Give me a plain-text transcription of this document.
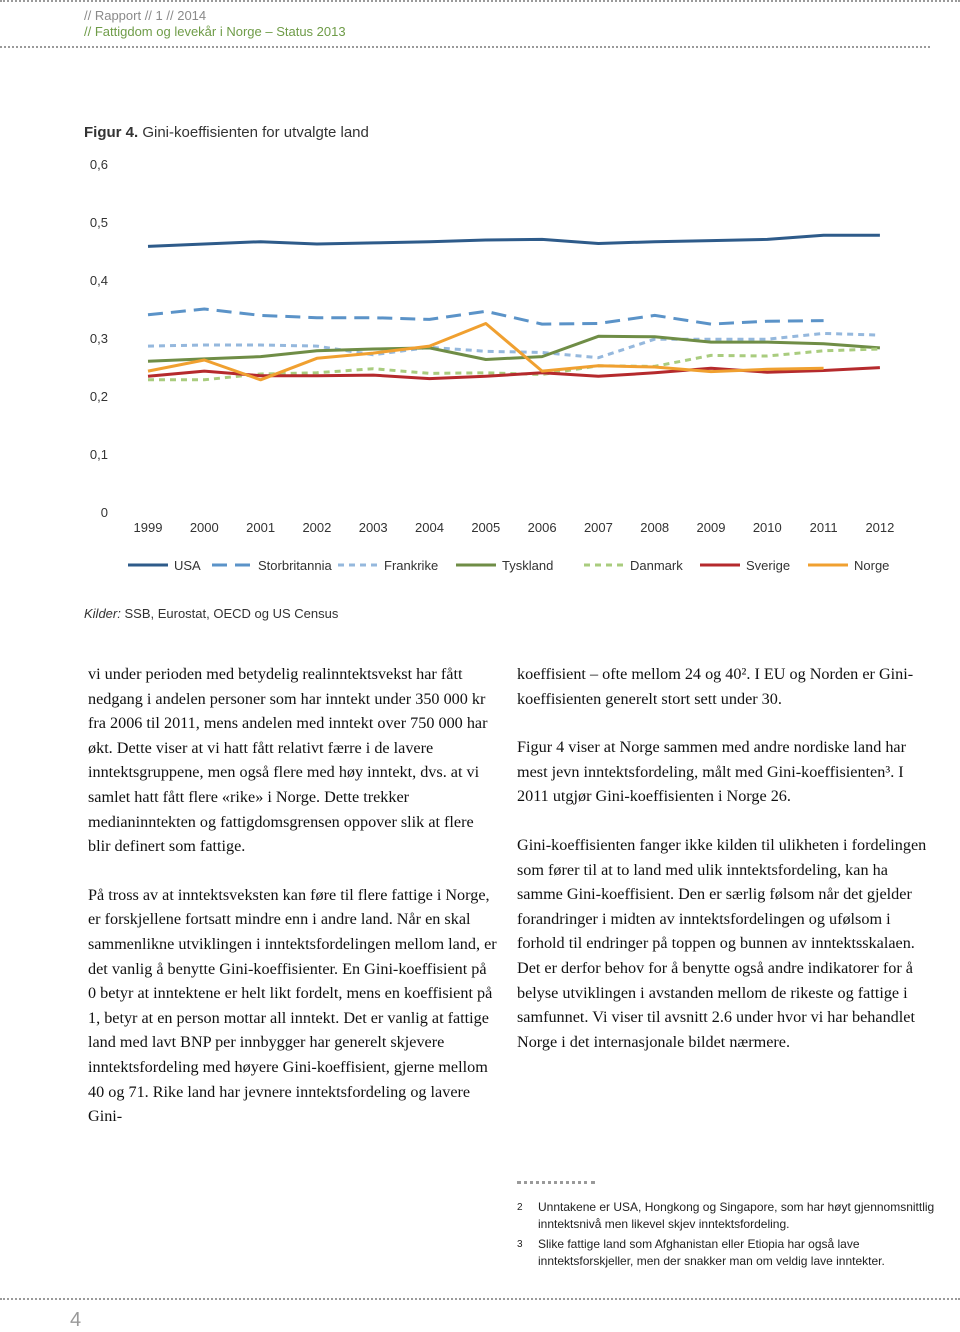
// Rapport // 1 // 2014
// Fattigdom og levekår i Norge – Status 2013
Figur 4. Gini-koeffisienten for utvalgte land
0
0,1
0,2
0,3
0,4
0,5
0,6
1999 2000 2001 2002 2003 2004 2005 2006 2007 2008 2009 2010 2011 2012
USA	Storbritannia	Frankrike	Tyskland	Danmark	Sverige	Norge
Kilder: SSB, Eurostat, OECD og US Census

vi under perioden med betydelig realinntektsvekst har fått nedgang i andelen personer som har inntekt under 350 000 kr fra 2006 til 2011, mens andelen med inntekt over 750 000 har økt. Dette viser at vi hatt fått relativt færre i de lavere inntektsgruppene, men også flere med høy inntekt, dvs. at vi samlet hatt fått flere «rike» i Norge. Dette trekker medianinntekten og fattigdomsgrensen oppover slik at flere blir definert som fattige.

På tross av at inntektsveksten kan føre til flere fattige i Norge, er forskjellene fortsatt mindre enn i andre land. Når en skal sammenlikne utviklingen i inntektsfordelingen mellom land, er det vanlig å benytte Gini-koeffisienter. En Gini-koeffisient på 0 betyr at inntektene er helt likt fordelt, mens en koeffisient på 1, betyr at en person mottar all inntekt. Det er vanlig at fattige land med lavt BNP per innbygger har generelt skjevere inntektsfordeling med høyere Gini-koeffisient, gjerne mellom 40 og 71. Rike land har jevnere inntektsfordeling og lavere Gini-

koeffisient – ofte mellom 24 og 40². I EU og Norden er Gini-koeffisienten generelt stort sett under 30.

Figur 4 viser at Norge sammen med andre nordiske land har mest jevn inntektsfordeling, målt med Gini-koeffisienten³. I 2011 utgjør Gini-koeffisienten i Norge 26.

Gini-koeffisienten fanger ikke kilden til ulikheten i fordelingen som fører til at to land med ulik inntektsfordeling, kan ha samme Gini-koeffisient. Den er særlig følsom når det gjelder forandringer i midten av inntektsfordelingen og ufølsom i forhold til endringer på toppen og bunnen av inntektsskalaen. Det er derfor behov for å benytte også andre indikatorer for å belyse utviklingen i avstanden mellom de rikeste og fattige i samfunnet. Vi viser til avsnitt 2.6 under hvor vi har behandlet Norge i det internasjonale bildet nærmere.

2 Unntakene er USA, Hongkong og Singapore, som har høyt gjennomsnittlig inntektsnivå men likevel skjev inntektsfordeling.
3 Slike fattige land som Afghanistan eller Etiopia har også lave inntektsforskjeller, men der snakker man om veldig lave inntekter.
4
